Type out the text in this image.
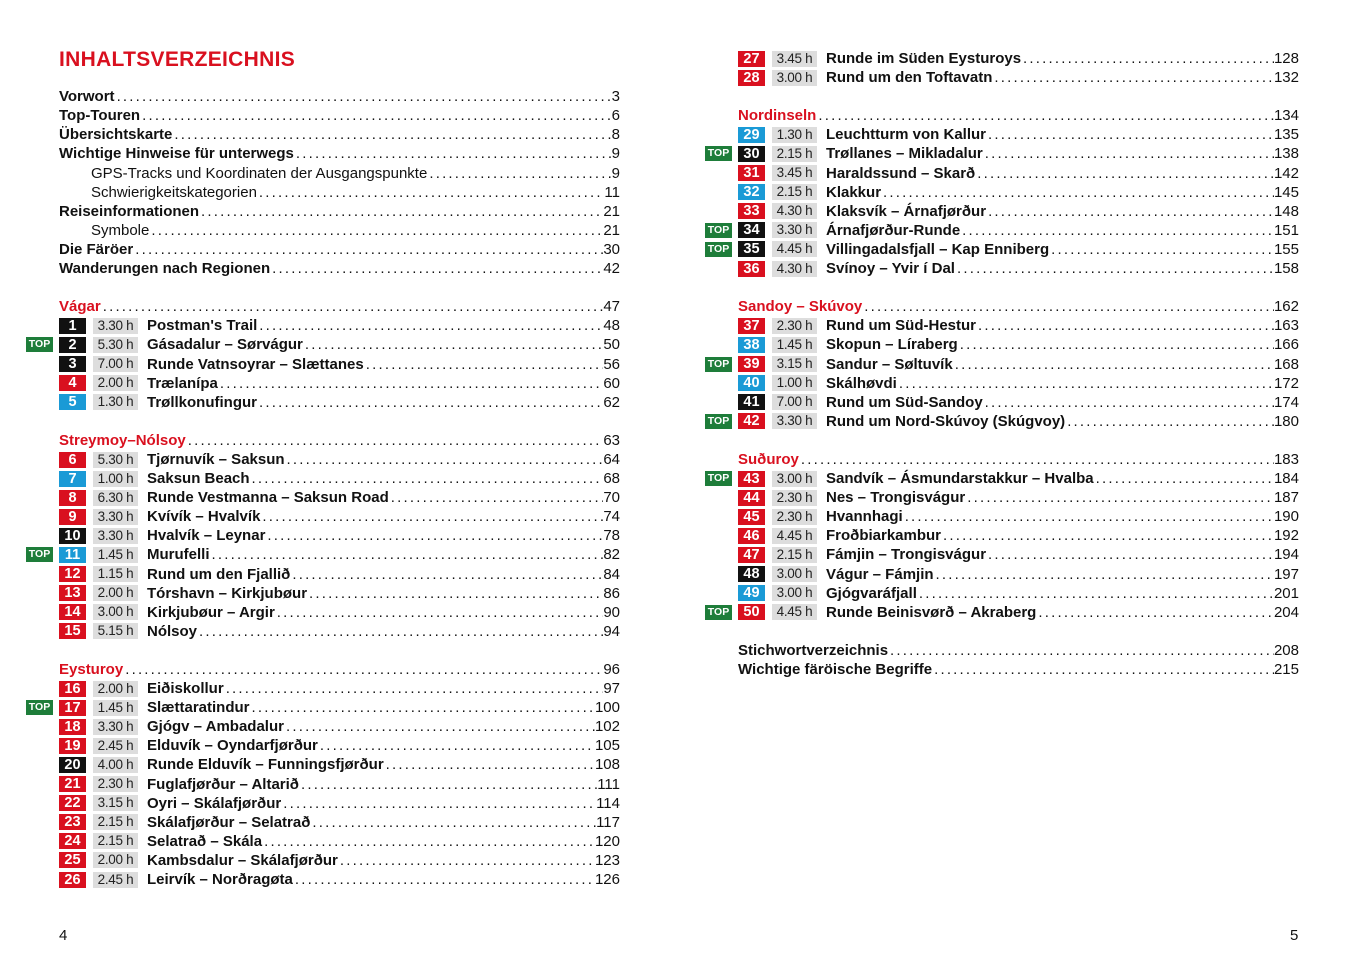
INHALTSVERZEICHNIS
Vorwort .....	3
Top-Touren .....	6
Übersichtskarte .....	8
Wichtige Hinweise für unterwegs .....	9
GPS-Tracks und Koordinaten der Ausgangspunkte .....	9
Schwierigkeitskategorien .....	11
Reiseinformationen .....	21
Symbole .....	21
Die Färöer .....	30
Wanderungen nach Regionen .....	42
Vágar .....	47
1	3.30 h Postman's Trail .....	48
TOP	2	5.30 h Gásadalur – Sørvágur .....	50
3	7.00 h Runde Vatnsoyrar – Slættanes .....	56
4	2.00 h Trælanípa .....	60
5	1.30 h Trøllkonufingur .....	62
Streymoy–Nólsoy .....	63
6	5.30 h Tjørnuvík – Saksun .....	64
7	1.00 h Saksun Beach .....	68
8	6.30 h Runde Vestmanna – Saksun Road .....	70
9	3.30 h Kvívík – Hvalvík .....	74
10	3.30 h Hvalvík – Leynar .....	78
TOP	11	1.45 h Murufelli .....	82
12	1.15 h Rund um den Fjallið .....	84
13	2.00 h Tórshavn – Kirkjubøur .....	86
14	3.00 h Kirkjubøur – Argir .....	90
15	5.15 h Nólsoy .....	94
Eysturoy .....	96
16	2.00 h Eiðiskollur .....	97
TOP 17	1.45 h Slættaratindur .....	100
18	3.30 h Gjógv – Ambadalur .....	102
19	2.45 h Elduvík – Oyndarfjørður .....	105
20	4.00 h Runde Elduvík – Funningsfjørður .....	108
21	2.30 h Fuglafjørður – Altarið .....	111
22	3.15 h Oyri – Skálafjørður .....	114
23	2.15 h Skálafjørður – Selatrað .....	117
24	2.15 h Selatrað – Skála .....	120
25	2.00 h Kambsdalur – Skálafjørður .....	123
26	2.45 h Leirvík – Norðragøta .....	126
27	3.45 h Runde im Süden Eysturoys .....	128
28	3.00 h Rund um den Toftavatn .....	132
Nordinseln .....	134
29	1.30 h Leuchtturm von Kallur .....	135
TOP 30	2.15 h Trøllanes – Mikladalur .....	138
31	3.45 h Haraldssund – Skarð .....	142
32	2.15 h Klakkur .....	145
33	4.30 h Klaksvík – Árnafjørður .....	148
TOP 34	3.30 h Árnafjørður-Runde .....	151
TOP 35	4.45 h Villingadalsfjall – Kap Enniberg .....	155
36	4.30 h Svínoy – Yvir í Dal .....	158
Sandoy – Skúvoy .....	162
37	2.30 h Rund um Süd-Hestur .....	163
38	1.45 h Skopun – Líraberg .....	166
TOP 39	3.15 h Sandur – Søltuvík .....	168
40	1.00 h Skálhøvdi .....	172
41	7.00 h Rund um Süd-Sandoy .....	174
TOP 42	3.30 h Rund um Nord-Skúvoy (Skúgvoy) .....	180
Suðuroy .....	183
TOP 43	3.00 h Sandvík – Ásmundarstakkur – Hvalba .....	184
44	2.30 h Nes – Trongisvágur .....	187
45	2.30 h Hvannhagi .....	190
46	4.45 h Froðbiarkambur .....	192
47	2.15 h Fámjin – Trongisvágur .....	194
48	3.00 h Vágur – Fámjin .....	197
49	3.00 h Gjógvaráfjall .....	201
TOP 50	4.45 h Runde Beinisvørð – Akraberg .....	204
Stichwortverzeichnis .....	208
Wichtige färöische Begriffe .....	215
4	5
